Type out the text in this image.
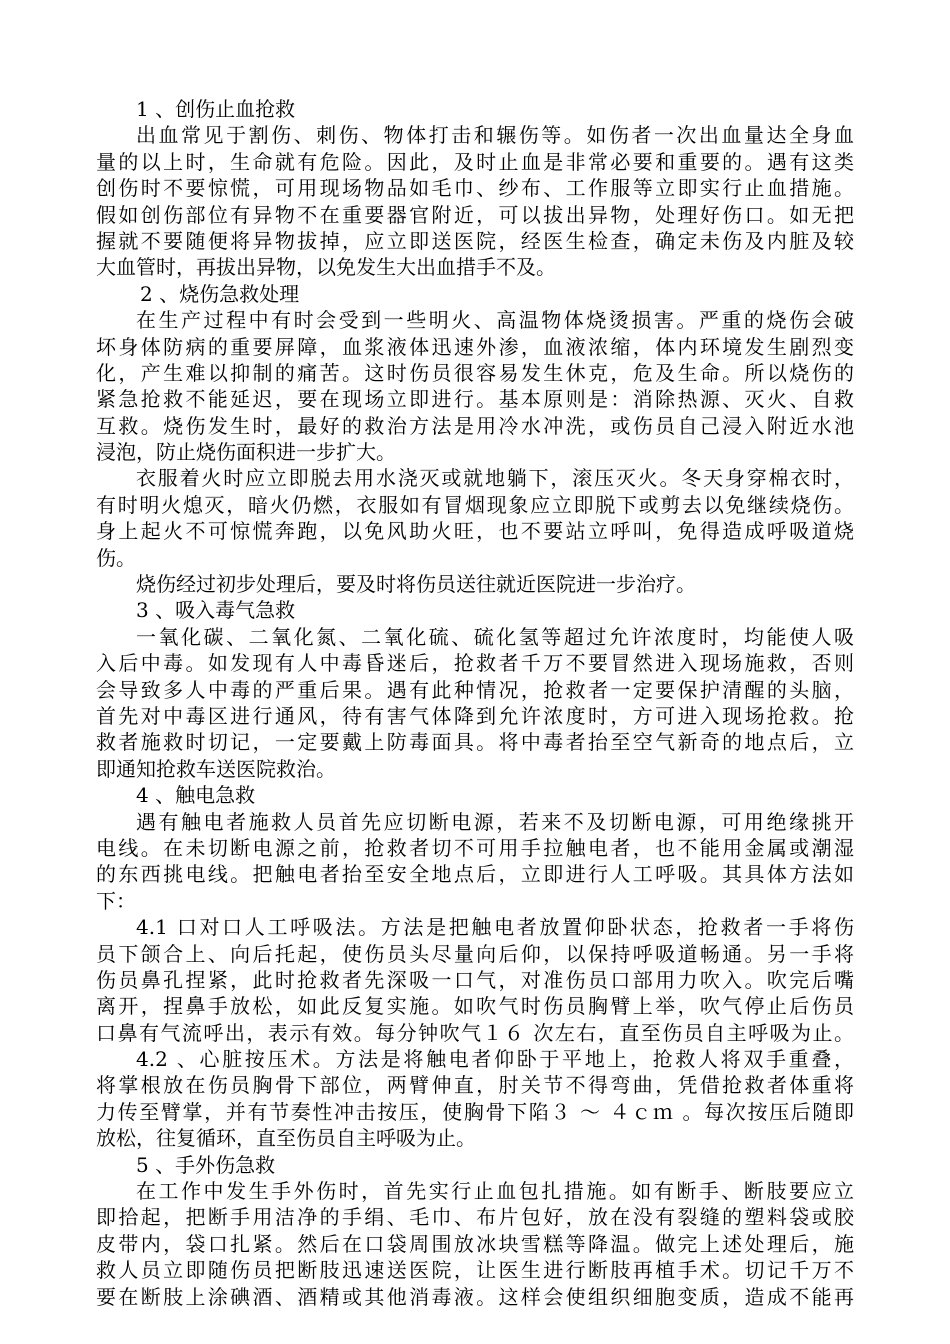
1 、创伤止血抢救
出血常见于割伤、刺伤、物体打击和辗伤等。如伤者一次出血量达全身血
量的以上时，生命就有危险。因此，及时止血是非常必要和重要的。遇有这类
创伤时不要惊慌，可用现场物品如毛巾、纱布、工作服等立即实行止血措施。
假如创伤部位有异物不在重要器官附近，可以拔出异物，处理好伤口。如无把
握就不要随便将异物拔掉，应立即送医院，经医生检查，确定未伤及内脏及较
大血管时，再拔出异物，以免发生大出血措手不及。
2 、烧伤急救处理
在生产过程中有时会受到一些明火、高温物体烧烫损害。严重的烧伤会破
坏身体防病的重要屏障，血浆液体迅速外渗，血液浓缩，体内环境发生剧烈变
化，产生难以抑制的痛苦。这时伤员很容易发生休克，危及生命。所以烧伤的
紧急抢救不能延迟，要在现场立即进行。基本原则是：消除热源、灭火、自救
互救。烧伤发生时，最好的救治方法是用冷水冲洗，或伤员自己浸入附近水池
浸泡，防止烧伤面积进一步扩大。
衣服着火时应立即脱去用水浇灭或就地躺下，滚压灭火。冬天身穿棉衣时，
有时明火熄灭，暗火仍燃，衣服如有冒烟现象应立即脱下或剪去以免继续烧伤。
身上起火不可惊慌奔跑，以免风助火旺，也不要站立呼叫，免得造成呼吸道烧
伤。
烧伤经过初步处理后，要及时将伤员送往就近医院进一步治疗。
3 、吸入毒气急救
一氧化碳、二氧化氮、二氧化硫、硫化氢等超过允许浓度时，均能使人吸
入后中毒。如发现有人中毒昏迷后，抢救者千万不要冒然进入现场施救，否则
会导致多人中毒的严重后果。遇有此种情况，抢救者一定要保护清醒的头脑，
首先对中毒区进行通风，待有害气体降到允许浓度时，方可进入现场抢救。抢
救者施救时切记，一定要戴上防毒面具。将中毒者抬至空气新奇的地点后，立
即通知抢救车送医院救治。
4 、触电急救
遇有触电者施救人员首先应切断电源，若来不及切断电源，可用绝缘挑开
电线。在未切断电源之前，抢救者切不可用手拉触电者，也不能用金属或潮湿
的东西挑电线。把触电者抬至安全地点后，立即进行人工呼吸。其具体方法如
下：
4.1 口对口人工呼吸法。方法是把触电者放置仰卧状态，抢救者一手将伤
员下颌合上、向后托起，使伤员头尽量向后仰，以保持呼吸道畅通。另一手将
伤员鼻孔捏紧，此时抢救者先深吸一口气，对准伤员口部用力吹入。吹完后嘴
离开，捏鼻手放松，如此反复实施。如吹气时伤员胸臂上举，吹气停止后伤员
口鼻有气流呼出，表示有效。每分钟吹气１６ 次左右，直至伤员自主呼吸为止。
4.2 、心脏按压术。方法是将触电者仰卧于平地上，抢救人将双手重叠，
将掌根放在伤员胸骨下部位，两臂伸直，肘关节不得弯曲，凭借抢救者体重将
力传至臂掌，并有节奏性冲击按压，使胸骨下陷３ ～ ４ｃｍ 。每次按压后随即
放松，往复循环，直至伤员自主呼吸为止。
5 、手外伤急救
在工作中发生手外伤时，首先实行止血包扎措施。如有断手、断肢要应立
即拾起，把断手用洁净的手绢、毛巾、布片包好，放在没有裂缝的塑料袋或胶
皮带内，袋口扎紧。然后在口袋周围放冰块雪糕等降温。做完上述处理后，施
救人员立即随伤员把断肢迅速送医院，让医生进行断肢再植手术。切记千万不
要在断肢上涂碘酒、酒精或其他消毒液。这样会使组织细胞变质，造成不能再
